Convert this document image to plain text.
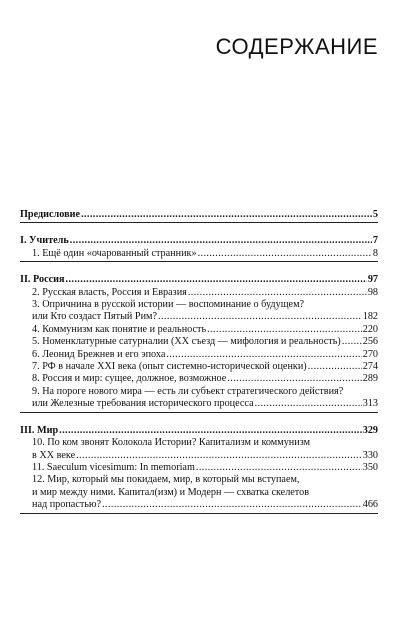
СОДЕРЖАНИЕ
Предисловие .....	5
I. Учитель .....	7
1. Ещё один «очарованный странник» .....	8
II. Россия .....	97
2. Русская власть, Россия и Евразия .....	98
3. Опричнина в русской истории — воспоминание о будущем?
или Кто создаст Пятый Рим? .....	182
4. Коммунизм как понятие и реальность .....	220
5. Номенклатурные сатурналии (ХХ съезд — мифология и реальность) ..... 256
6. Леонид Брежнев и его эпоха .....	270
7. РФ в начале XXI века (опыт системно-исторической оценки) .....	274
8. Россия и мир: сущее, должное, возможное .....	289
9. На пороге нового мира — есть ли субъект стратегического действия?
или Железные требования исторического процесса .....	313
III. Мир .....	329
10. По ком звонят Колокола Истории? Капитализм и коммунизм
в ХХ веке .....	330
11. Saeculum vicesimum: In memoriam .....	350
12. Мир, который мы покидаем, мир, в который мы вступаем,
и мир между ними. Капитал(изм) и Модерн — схватка скелетов
над пропастью? .....	466
